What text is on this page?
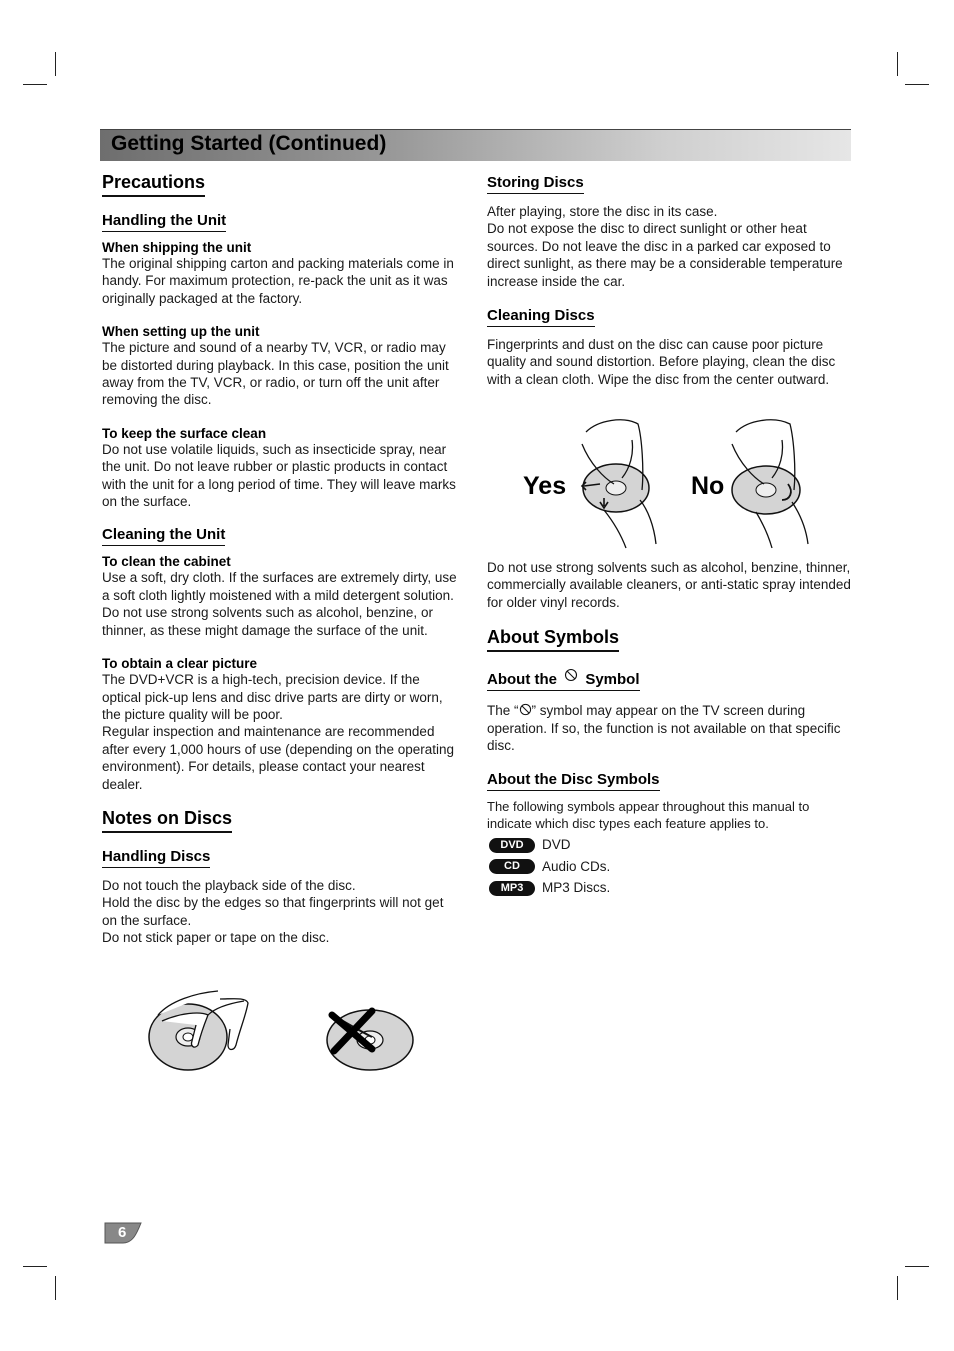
Getting Started (Continued)
Precautions
Handling the Unit

When shipping the unit

The original shipping carton and packing materials come in handy. For maximum protection, re-pack the unit as it was originally packaged at the factory.

When setting up the unit

The picture and sound of a nearby TV, VCR, or radio may be distorted during playback. In this case, position the unit away from the TV, VCR, or radio, or turn off the unit after removing the disc.

To keep the surface clean

Do not use volatile liquids, such as insecticide spray, near the unit. Do not leave rubber or plastic products in contact with the unit for a long period of time. They will leave marks on the surface.

Cleaning the Unit

To clean the cabinet

Use a soft, dry cloth. If the surfaces are extremely dirty, use a soft cloth lightly moistened with a mild detergent solution. Do not use strong solvents such as alcohol, benzine, or thinner, as these might damage the surface of the unit.

To obtain a clear picture

The DVD+VCR is a high-tech, precision device. If the optical pick-up lens and disc drive parts are dirty or worn, the picture quality will be poor.

Regular inspection and maintenance are recommended after every 1,000 hours of use (depending on the operating environment). For details, please contact your nearest dealer.

Notes on Discs
Handling Discs

Do not touch the playback side of the disc.

Hold the disc by the edges so that fingerprints will not get on the surface.

Do not stick paper or tape on the disc.

Storing Discs

After playing, store the disc in its case.

Do not expose the disc to direct sunlight or other heat sources. Do not leave the disc in a parked car exposed to direct sunlight, as there may be a considerable temperature increase inside the car.

Cleaning Discs

Fingerprints and dust on the disc can cause poor picture quality and sound distortion. Before playing, clean the disc with a clean cloth. Wipe the disc from the center outward.

Yes	No

Do not use strong solvents such as alcohol, benzine, thinner, commercially available cleaners, or anti-static spray intended for older vinyl records.

About Symbols
About the Symbol

The “ ” symbol may appear on the TV screen during operation. If so, the function is not available on that specific disc.

About the Disc Symbols

The following symbols appear throughout this manual to indicate which disc types each feature applies to.

DVD	DVD
CD	Audio CDs.
MP3	MP3 Discs.
6
